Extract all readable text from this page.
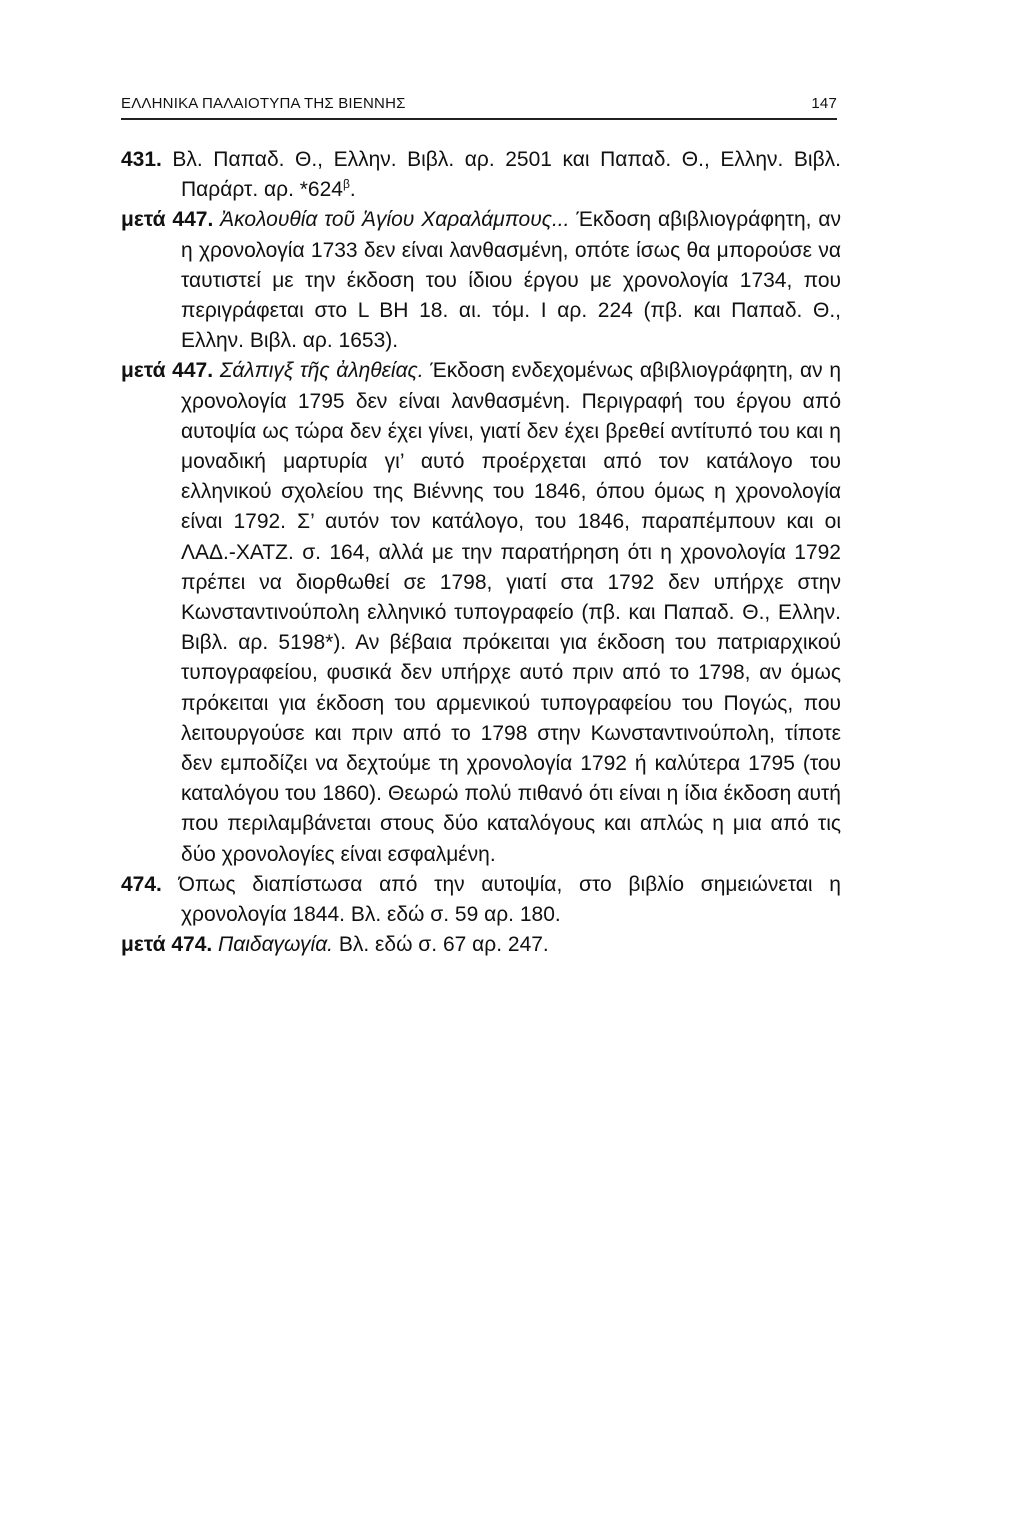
ΕΛΛΗΝΙΚΑ ΠΑΛΑΙΟΤΥΠΑ ΤΗΣ ΒΙΕΝΝΗΣ	147

431. Βλ. Παπαδ. Θ., Ελλην. Βιβλ. αρ. 2501 και Παπαδ. Θ., Ελλην. Βιβλ. Παράρτ. αρ. $*624^\beta$.

μετά 447. Ἀκολουθία τοῦ Ἁγίου Χαραλάμπους... Έκδοση αβιβλιογράφητη, αν η χρονολογία 1733 δεν είναι λανθασμένη, οπότε ίσως θα μπορούσε να ταυτιστεί με την έκδοση του ίδιου έργου με χρονολογία 1734, που περιγράφεται στο L BH 18. αι. τόμ. I αρ. 224 (πβ. και Παπαδ. Θ., Ελλην. Βιβλ. αρ. 1653).

μετά 447. Σάλπιγξ τῆς ἀληθείας. Έκδοση ενδεχομένως αβιβλιογράφητη, αν η χρονολογία 1795 δεν είναι λανθασμένη. Περιγραφή του έργου από αυτοψία ως τώρα δεν έχει γίνει, γιατί δεν έχει βρεθεί αντίτυπό του και η μοναδική μαρτυρία γι’ αυτό προέρχεται από τον κατάλογο του ελληνικού σχολείου της Βιέννης του 1846, όπου όμως η χρονολογία είναι 1792. Σ’ αυτόν τον κατάλογο, του 1846, παραπέμπουν και οι ΛΑΔ.-ΧΑΤΖ. σ. 164, αλλά με την παρατήρηση ότι η χρονολογία 1792 πρέπει να διορθωθεί σε 1798, γιατί στα 1792 δεν υπήρχε στην Κωνσταντινούπολη ελληνικό τυπογραφείο (πβ. και Παπαδ. Θ., Ελλην. Βιβλ. αρ. 5198*). Αν βέβαια πρόκειται για έκδοση του πατριαρχικού τυπογραφείου, φυσικά δεν υπήρχε αυτό πριν από το 1798, αν όμως πρόκειται για έκδοση του αρμενικού τυπογραφείου του Πογώς, που λειτουργούσε και πριν από το 1798 στην Κωνσταντινούπολη, τίποτε δεν εμποδίζει να δεχτούμε τη χρονολογία 1792 ή καλύτερα 1795 (του καταλόγου του 1860). Θεωρώ πολύ πιθανό ότι είναι η ίδια έκδοση αυτή που περιλαμβάνεται στους δύο καταλόγους και απλώς η μια από τις δύο χρονολογίες είναι εσφαλμένη.

474. Όπως διαπίστωσα από την αυτοψία, στο βιβλίο σημειώνεται η χρονολογία 1844. Βλ. εδώ σ. 59 αρ. 180.

μετά 474. Παιδαγωγία. Βλ. εδώ σ. 67 αρ. 247.
